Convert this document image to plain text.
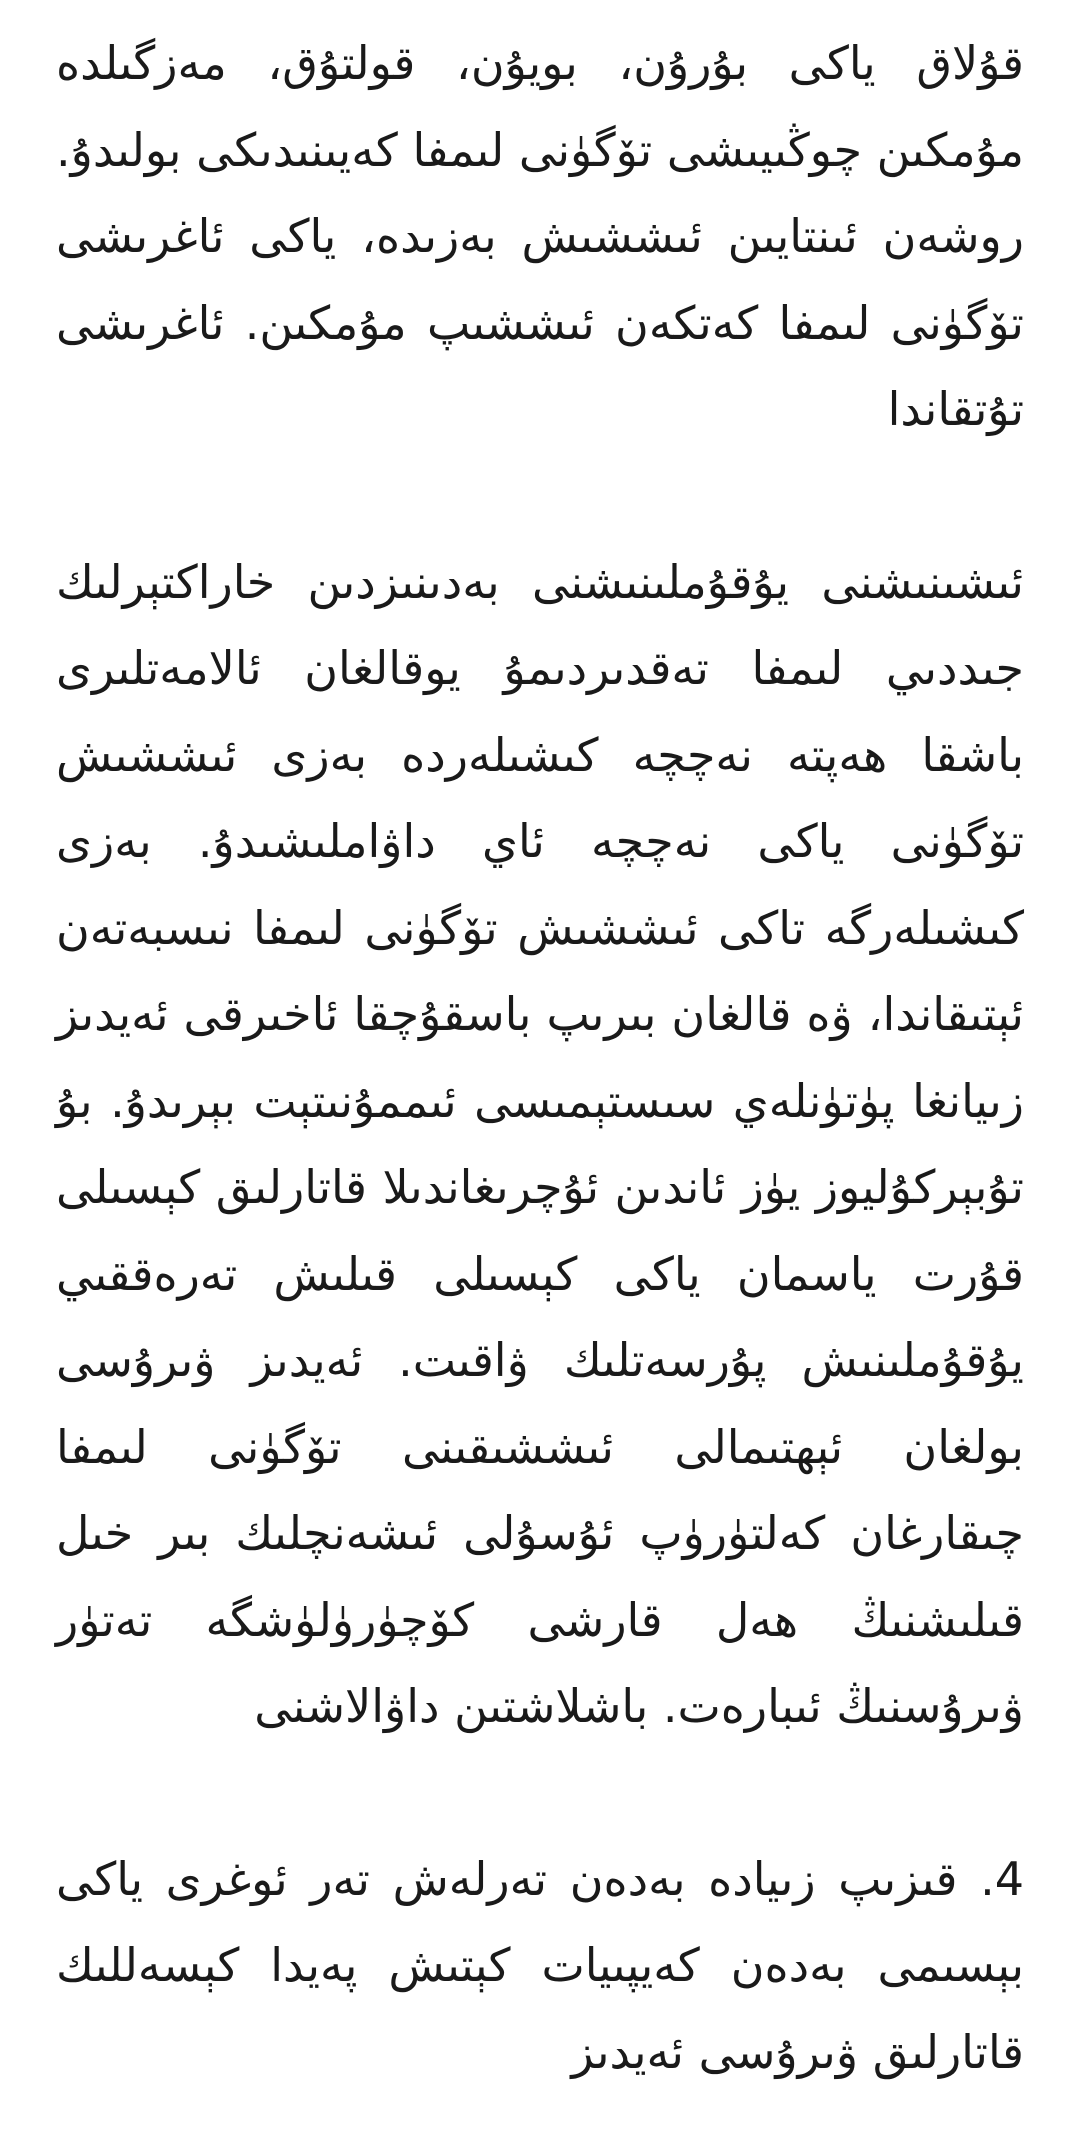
قۇلاق ياكى بۇرۇن، بويۇن، قولتۇق، مەزگىلدە مۇمكىن چوڭىيىشى تۆگۈنى لىمفا كەيىنىدىكى بولىدۇ. روشەن ئىنتايىن ئىششىش بەزىدە، ياكى ئاغرىشى تۆگۈنى لىمفا كەتكەن ئىششىپ مۇمكىن. ئاغرىشى تۇتقاندا

ئىشىنىشنى يۇقۇملىنىشنى بەدىنىزدىن خاراكتېرلىك جىددىي لىمفا تەقدىردىمۇ يوقالغان ئالامەتلىرى باشقا ھەپتە نەچچە كىشىلەردە بەزى ئىششىش تۆگۈنى ياكى نەچچە ئاي داۋاملىشىدۇ. بەزى كىشىلەرگە تاكى ئىششىش تۆگۈنى لىمفا نىسبەتەن ئېتىقاندا، ۋە قالغان بىرىپ باسقۇچقا ئاخىرقى ئەيدىز زىيانغا پۈتۈنلەي سىستېمىسى ئىممۇنىتېت بېرىدۇ. بۇ تۇبېركۇليوز يۈز ئاندىن ئۇچرىغاندىلا قاتارلىق كېسىلى قۇرت ياسمان ياكى كېسىلى قىلىش تەرەققىي يۇقۇملىنىش پۇرسەتلىك ۋاقىت. ئەيدىز ۋىرۇسى بولغان ئېھتىمالى ئىششىقىنى تۆگۈنى لىمفا چىقارغان كەلتۈرۈپ ئۇسۇلى ئىشەنچلىك بىر خىل قىلىشنىڭ ھەل قارشى كۆچۈرۈلۈشگە تەتۈر ۋىرۇسنىڭ ئىبارەت. باشلاشتىن داۋالاشنى

4. قىزىپ زىيادە بەدەن تەرلەش تەر ئوغرى ياكى بېسىمى بەدەن كەيپىيات كېتىش پەيدا كېسەللىك قاتارلىق ۋىرۇسى ئەيدىز
